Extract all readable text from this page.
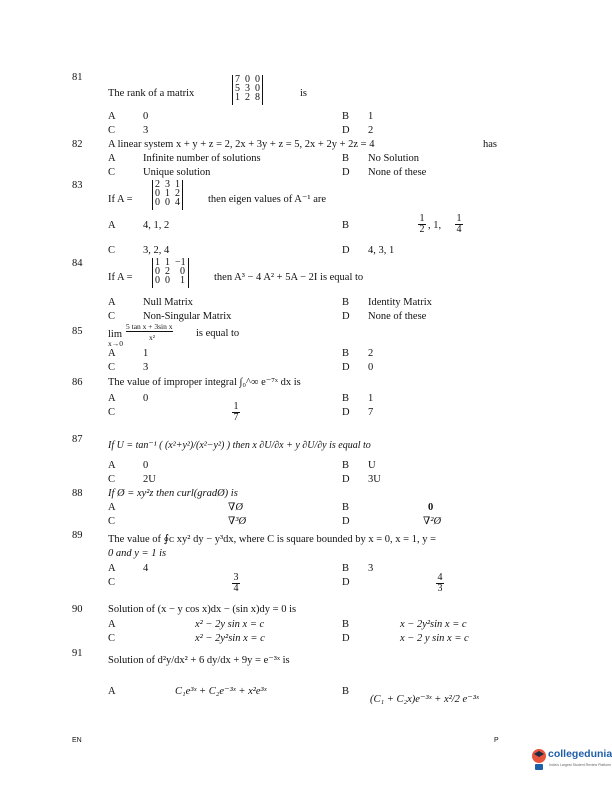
81
The rank of a matrix
7  0  0
5  3  0
1  2  8	is
A	0	B 1
C	3	D 2
82 A linear system x + y + z = 2, 2x + 3y + z = 5, 2x + 2y + 2z = 4	has
A	Infinite number of solutions	B No Solution
C	Unique solution	D None of these
83
If A =
2  3  1
0  1  2
0  0  4	then eigen values of A⁻¹ are
A	4, 1, 2	B	$\frac{1}{2}$ , 1, $\frac{1}{4}$
C	3, 2, 4	D 4, 3, 1
84
If A =
1  1  −1
0  2    0
0  0    1	then A³ − 4 A² + 5A − 2I is equal to
A	Null Matrix	B Identity Matrix
C	Non-Singular Matrix	D None of these
85 lim
x→0
5 tan x + 3sin x
x²	is equal to
A	1	B 2
C	3	D 0
86 The value of improper integral ∫₀^∞ e⁻⁷ˣ dx is
A	0	B 1
C	$\frac{1}{7}$	D 7
87
If U = tan⁻¹ ( (x²+y²)/(x²−y²) ) then x ∂U/∂x + y ∂U/∂y is equal to
A	0	B U
C	2U	D 3U
88 If Ø = xy²z then curl(gradØ) is
A	∇Ø	B	0
C	∇³Ø	D	∇²Ø
89 The value of ∮ᴄ xy² dy − y³dx, where C is square bounded by x = 0, x = 1, y =
0 and y = 1 is
A	4	B 3
C	$\frac{3}{4}$	D	$\frac{4}{3}$
90 Solution of (x − y cos x)dx − (sin x)dy = 0 is
A	x² − 2y sin x = c	B	x − 2y²sin x = c
C	x² − 2y²sin x = c	D	x − 2 y sin x = c
91
Solution of d²y/dx² + 6 dy/dx + 9y = e⁻³ˣ is
A	C₁e³ˣ + C₂e⁻³ˣ + x²e³ˣ	B
(C₁ + C₂x)e⁻³ˣ + x²/2 e⁻³ˣ
EN	P
collegedunia
India's Largest Student Review Platform
